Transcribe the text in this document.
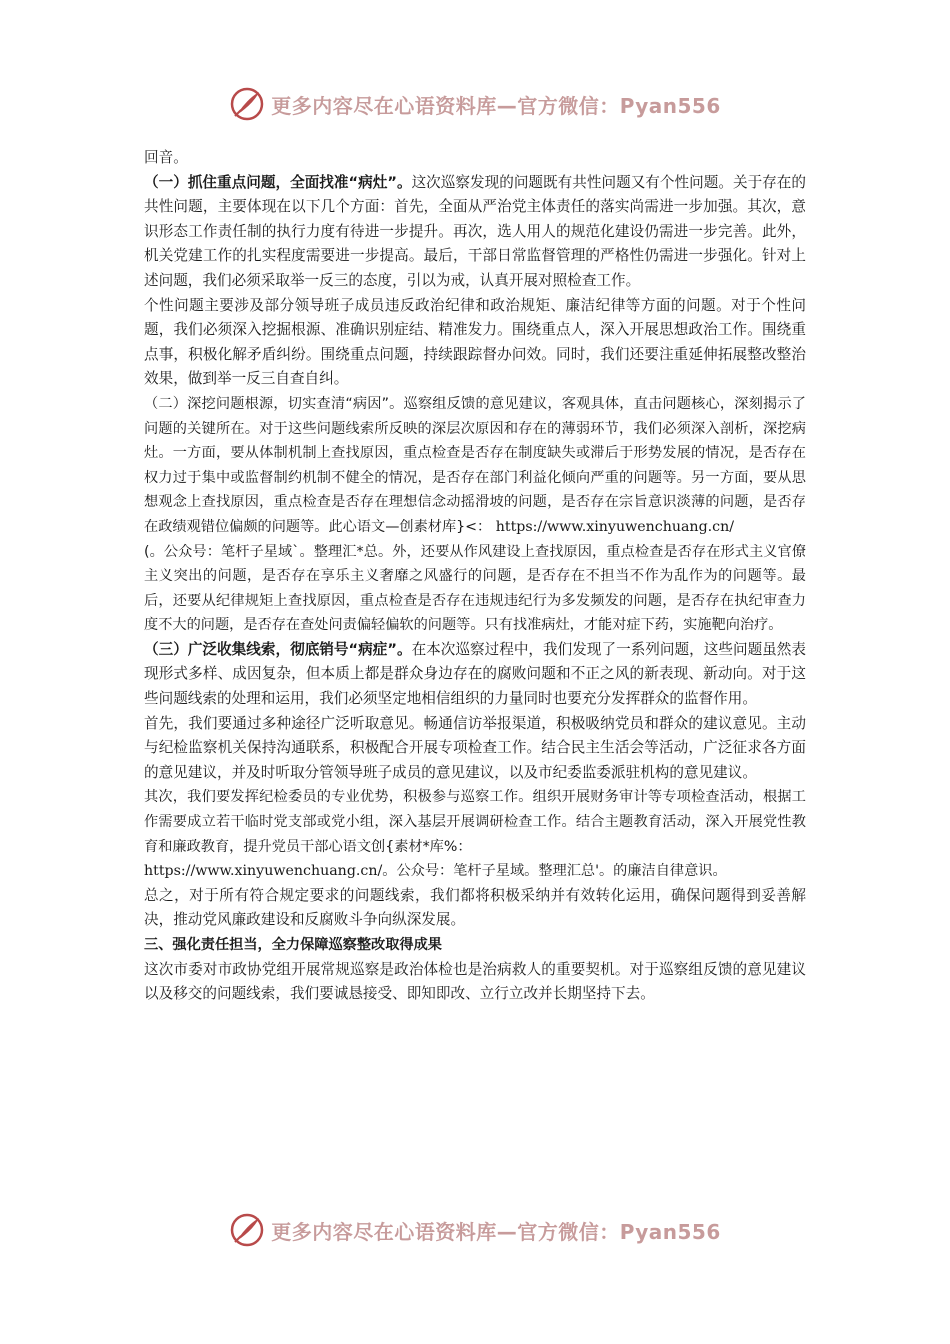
更多内容尽在心语资料库—官方微信：Pyan556

回音。

（一）抓住重点问题，全面找准“病灶”。这次巡察发现的问题既有共性问题又有个性问题。关于存在的共性问题，主要体现在以下几个方面：首先，全面从严治党主体责任的落实尚需进一步加强。其次，意识形态工作责任制的执行力度有待进一步提升。再次，选人用人的规范化建设仍需进一步完善。此外，机关党建工作的扎实程度需要进一步提高。最后，干部日常监督管理的严格性仍需进一步强化。针对上述问题，我们必须采取举一反三的态度，引以为戒，认真开展对照检查工作。

个性问题主要涉及部分领导班子成员违反政治纪律和政治规矩、廉洁纪律等方面的问题。对于个性问题，我们必须深入挖掘根源、准确识别症结、精准发力。围绕重点人，深入开展思想政治工作。围绕重点事，积极化解矛盾纠纷。围绕重点问题，持续跟踪督办问效。同时，我们还要注重延伸拓展整改整治效果，做到举一反三自查自纠。

（二）深挖问题根源，切实查清“病因”。巡察组反馈的意见建议，客观具体，直击问题核心，深刻揭示了问题的关键所在。对于这些问题线索所反映的深层次原因和存在的薄弱环节，我们必须深入剖析，深挖病灶。一方面，要从体制机制上查找原因，重点检查是否存在制度缺失或滞后于形势发展的情况，是否存在权力过于集中或监督制约机制不健全的情况，是否存在部门利益化倾向严重的问题等。另一方面，要从思想观念上查找原因，重点检查是否存在理想信念动摇滑坡的问题，是否存在宗旨意识淡薄的问题，是否存在政绩观错位偏颇的问题等。此心语文—创素材库}<： https://www.xinyuwenchuang.cn/
(。公众号：笔杆子星域`。整理汇*总。外，还要从作风建设上查找原因，重点检查是否存在形式主义官僚主义突出的问题，是否存在享乐主义奢靡之风盛行的问题，是否存在不担当不作为乱作为的问题等。最后，还要从纪律规矩上查找原因，重点检查是否存在违规违纪行为多发频发的问题，是否存在执纪审查力度不大的问题，是否存在查处问责偏轻偏软的问题等。只有找准病灶，才能对症下药，实施靶向治疗。

（三）广泛收集线索，彻底销号“病症”。在本次巡察过程中，我们发现了一系列问题，这些问题虽然表现形式多样、成因复杂，但本质上都是群众身边存在的腐败问题和不正之风的新表现、新动向。对于这些问题线索的处理和运用，我们必须坚定地相信组织的力量同时也要充分发挥群众的监督作用。

首先，我们要通过多种途径广泛听取意见。畅通信访举报渠道，积极吸纳党员和群众的建议意见。主动与纪检监察机关保持沟通联系，积极配合开展专项检查工作。结合民主生活会等活动，广泛征求各方面的意见建议，并及时听取分管领导班子成员的意见建议，以及市纪委监委派驻机构的意见建议。

其次，我们要发挥纪检委员的专业优势，积极参与巡察工作。组织开展财务审计等专项检查活动，根据工作需要成立若干临时党支部或党小组，深入基层开展调研检查工作。结合主题教育活动，深入开展党性教育和廉政教育，提升党员干部心语文创{素材*库%：
https://www.xinyuwenchuang.cn/。公众号：笔杆子星域。整理汇总'。的廉洁自律意识。

总之，对于所有符合规定要求的问题线索，我们都将积极采纳并有效转化运用，确保问题得到妥善解决，推动党风廉政建设和反腐败斗争向纵深发展。

三、强化责任担当，全力保障巡察整改取得成果

这次市委对市政协党组开展常规巡察是政治体检也是治病救人的重要契机。对于巡察组反馈的意见建议以及移交的问题线索，我们要诚恳接受、即知即改、立行立改并长期坚持下去。

更多内容尽在心语资料库—官方微信：Pyan556
